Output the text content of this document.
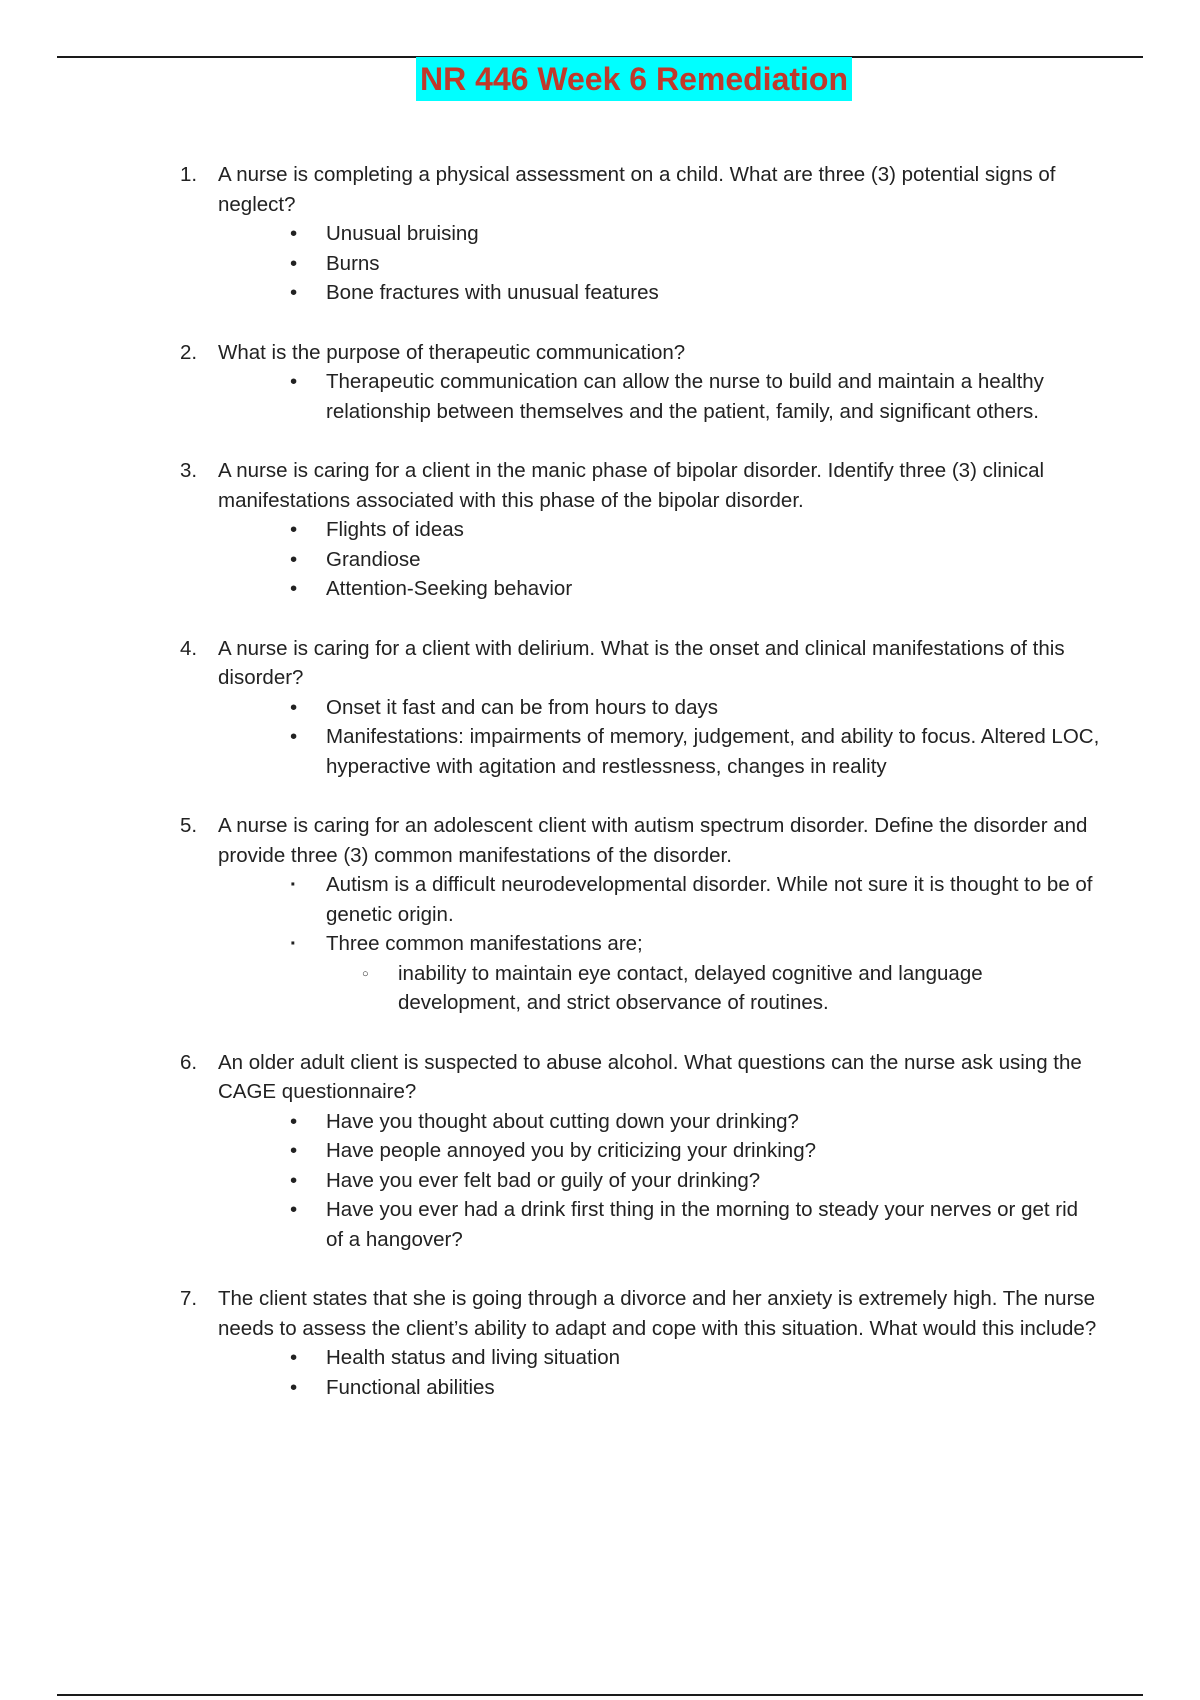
NR 446 Week 6 Remediation
1.	A nurse is completing a physical assessment on a child. What are three (3) potential signs of neglect?
• Unusual bruising
• Burns
• Bone fractures with unusual features
2.	What is the purpose of therapeutic communication?
• Therapeutic communication can allow the nurse to build and maintain a healthy relationship between themselves and the patient, family, and significant others.
3.	A nurse is caring for a client in the manic phase of bipolar disorder. Identify three (3) clinical manifestations associated with this phase of the bipolar disorder.
• Flights of ideas
• Grandiose
• Attention-Seeking behavior
4.	A nurse is caring for a client with delirium. What is the onset and clinical manifestations of this disorder?
• Onset it fast and can be from hours to days
• Manifestations: impairments of memory, judgement, and ability to focus. Altered LOC, hyperactive with agitation and restlessness, changes in reality
5.	A nurse is caring for an adolescent client with autism spectrum disorder. Define the disorder and provide three (3) common manifestations of the disorder.
· Autism is a difficult neurodevelopmental disorder. While not sure it is thought to be of genetic origin.
· Three common manifestations are;
○ inability to maintain eye contact, delayed cognitive and language development, and strict observance of routines.
6.	An older adult client is suspected to abuse alcohol. What questions can the nurse ask using the CAGE questionnaire?
• Have you thought about cutting down your drinking?
• Have people annoyed you by criticizing your drinking?
• Have you ever felt bad or guily of your drinking?
• Have you ever had a drink first thing in the morning to steady your nerves or get rid of a hangover?
7.	The client states that she is going through a divorce and her anxiety is extremely high. The nurse needs to assess the client’s ability to adapt and cope with this situation. What would this include?
• Health status and living situation
• Functional abilities
